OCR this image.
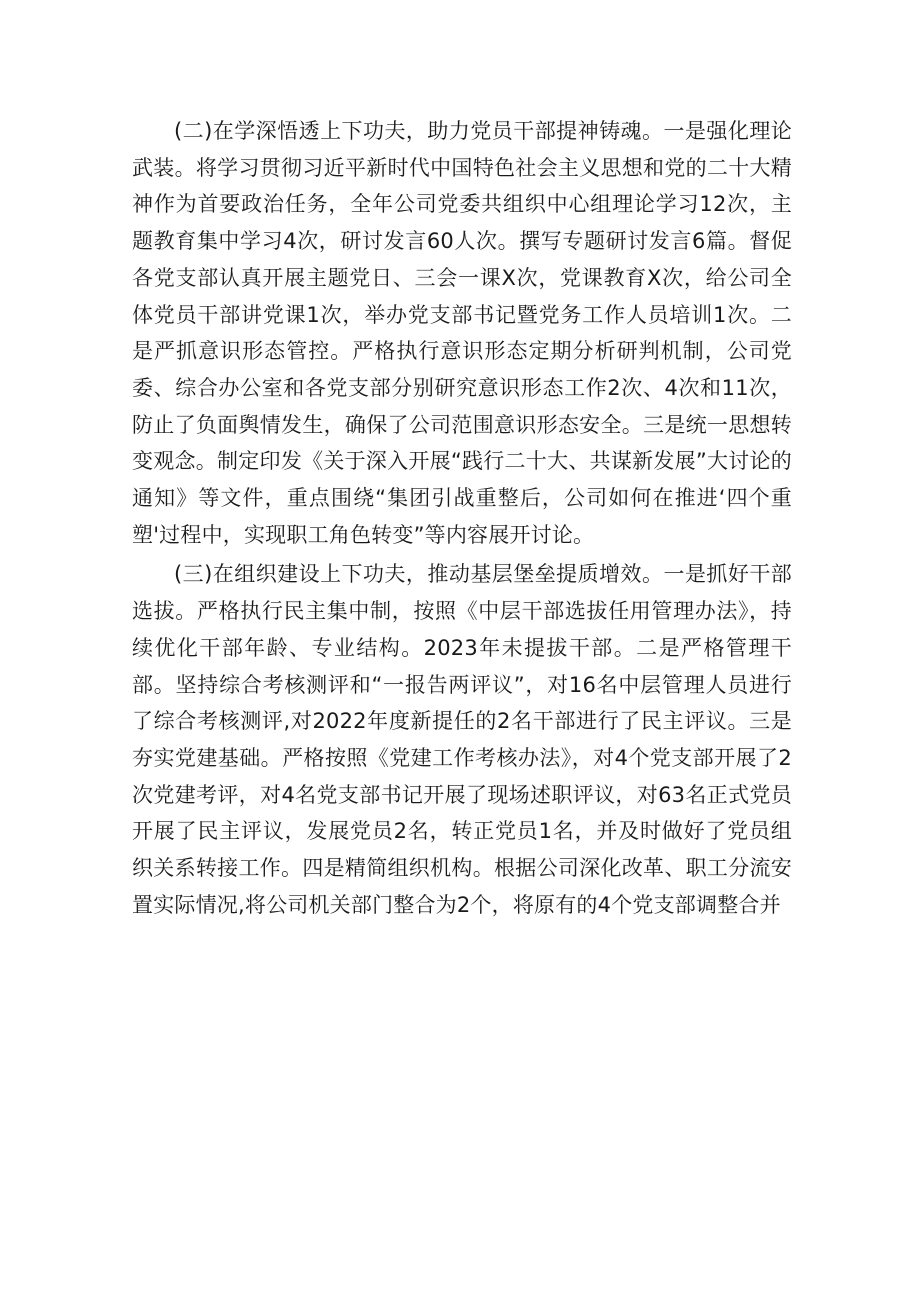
(二)在学深悟透上下功夫，助力党员干部提神铸魂。一是强化理论武装。将学习贯彻习近平新时代中国特色社会主义思想和党的二十大精神作为首要政治任务，全年公司党委共组织中心组理论学习12次，主题教育集中学习4次，研讨发言60人次。撰写专题研讨发言6篇。督促各党支部认真开展主题党日、三会一课X次，党课教育X次，给公司全体党员干部讲党课1次，举办党支部书记暨党务工作人员培训1次。二是严抓意识形态管控。严格执行意识形态定期分析研判机制，公司党委、综合办公室和各党支部分别研究意识形态工作2次、4次和11次，防止了负面舆情发生，确保了公司范围意识形态安全。三是统一思想转变观念。制定印发《关于深入开展“践行二十大、共谋新发展”大讨论的通知》等文件，重点围绕“集团引战重整后，公司如何在推进‘四个重塑'过程中，实现职工角色转变”等内容展开讨论。

(三)在组织建设上下功夫，推动基层堡垒提质增效。一是抓好干部选拔。严格执行民主集中制，按照《中层干部选拔任用管理办法》，持续优化干部年龄、专业结构。2023年未提拔干部。二是严格管理干部。坚持综合考核测评和“一报告两评议”，对16名中层管理人员进行了综合考核测评,对2022年度新提任的2名干部进行了民主评议。三是夯实党建基础。严格按照《党建工作考核办法》，对4个党支部开展了2次党建考评，对4名党支部书记开展了现场述职评议，对63名正式党员开展了民主评议，发展党员2名，转正党员1名，并及时做好了党员组织关系转接工作。四是精简组织机构。根据公司深化改革、职工分流安置实际情况,将公司机关部门整合为2个，将原有的4个党支部调整合并
